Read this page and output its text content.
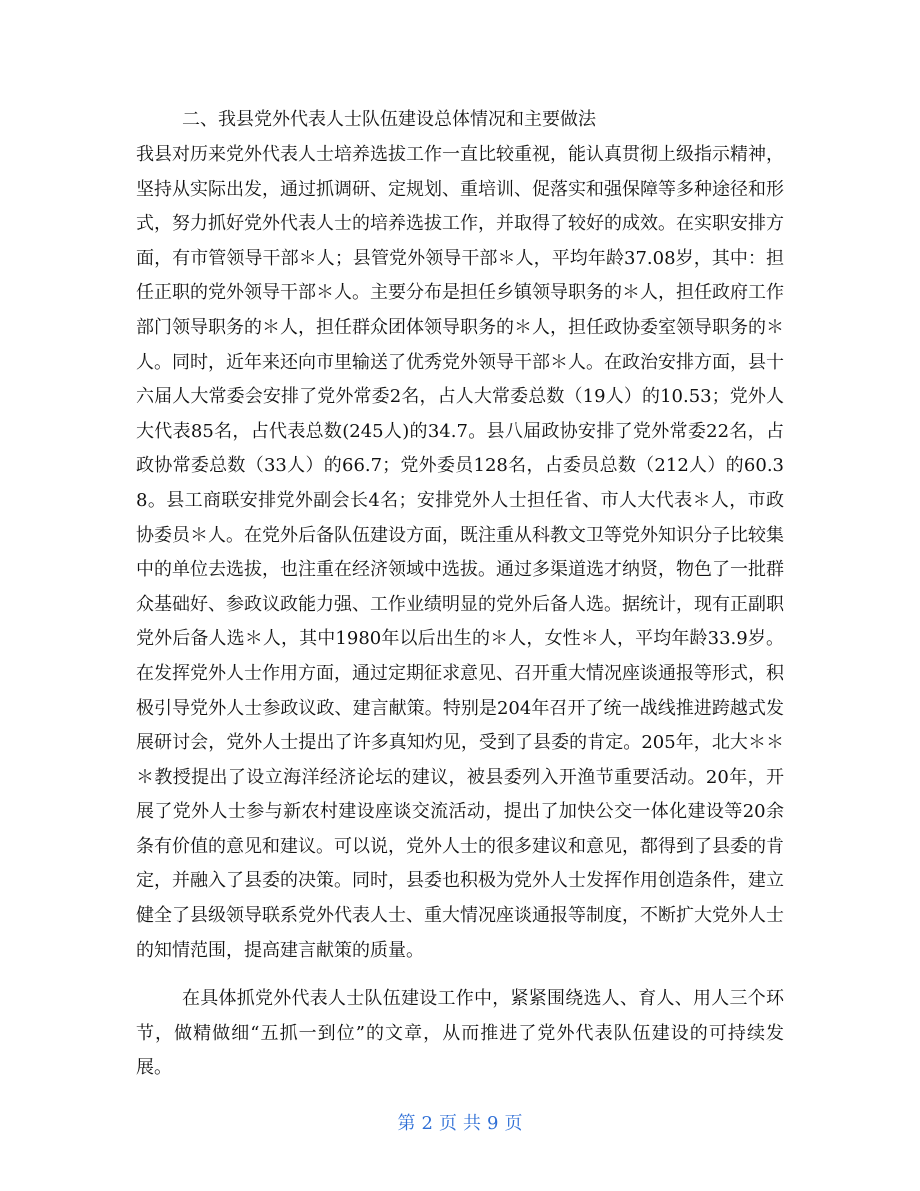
二、我县党外代表人士队伍建设总体情况和主要做法

我县对历来党外代表人士培养选拔工作一直比较重视，能认真贯彻上级指示精神，坚持从实际出发，通过抓调研、定规划、重培训、促落实和强保障等多种途径和形式，努力抓好党外代表人士的培养选拔工作，并取得了较好的成效。在实职安排方面，有市管领导干部＊人；县管党外领导干部＊人，平均年龄37.08岁，其中：担任正职的党外领导干部＊人。主要分布是担任乡镇领导职务的＊人，担任政府工作部门领导职务的＊人，担任群众团体领导职务的＊人，担任政协委室领导职务的＊人。同时，近年来还向市里输送了优秀党外领导干部＊人。在政治安排方面，县十六届人大常委会安排了党外常委2名，占人大常委总数（19人）的10.53；党外人大代表85名，占代表总数(245人)的34.7。县八届政协安排了党外常委22名，占政协常委总数（33人）的66.7；党外委员128名，占委员总数（212人）的60.38。县工商联安排党外副会长4名；安排党外人士担任省、市人大代表＊人，市政协委员＊人。在党外后备队伍建设方面，既注重从科教文卫等党外知识分子比较集中的单位去选拔，也注重在经济领域中选拔。通过多渠道选才纳贤，物色了一批群众基础好、参政议政能力强、工作业绩明显的党外后备人选。据统计，现有正副职党外后备人选＊人，其中1980年以后出生的＊人，女性＊人，平均年龄33.9岁。在发挥党外人士作用方面，通过定期征求意见、召开重大情况座谈通报等形式，积极引导党外人士参政议政、建言献策。特别是204年召开了统一战线推进跨越式发展研讨会，党外人士提出了许多真知灼见，受到了县委的肯定。205年，北大＊＊＊教授提出了设立海洋经济论坛的建议，被县委列入开渔节重要活动。20年，开展了党外人士参与新农村建设座谈交流活动，提出了加快公交一体化建设等20余条有价值的意见和建议。可以说，党外人士的很多建议和意见，都得到了县委的肯定，并融入了县委的决策。同时，县委也积极为党外人士发挥作用创造条件，建立健全了县级领导联系党外代表人士、重大情况座谈通报等制度，不断扩大党外人士的知情范围，提高建言献策的质量。

在具体抓党外代表人士队伍建设工作中，紧紧围绕选人、育人、用人三个环节，做精做细“五抓一到位”的文章，从而推进了党外代表队伍建设的可持续发展。

第 2 页 共 9 页
